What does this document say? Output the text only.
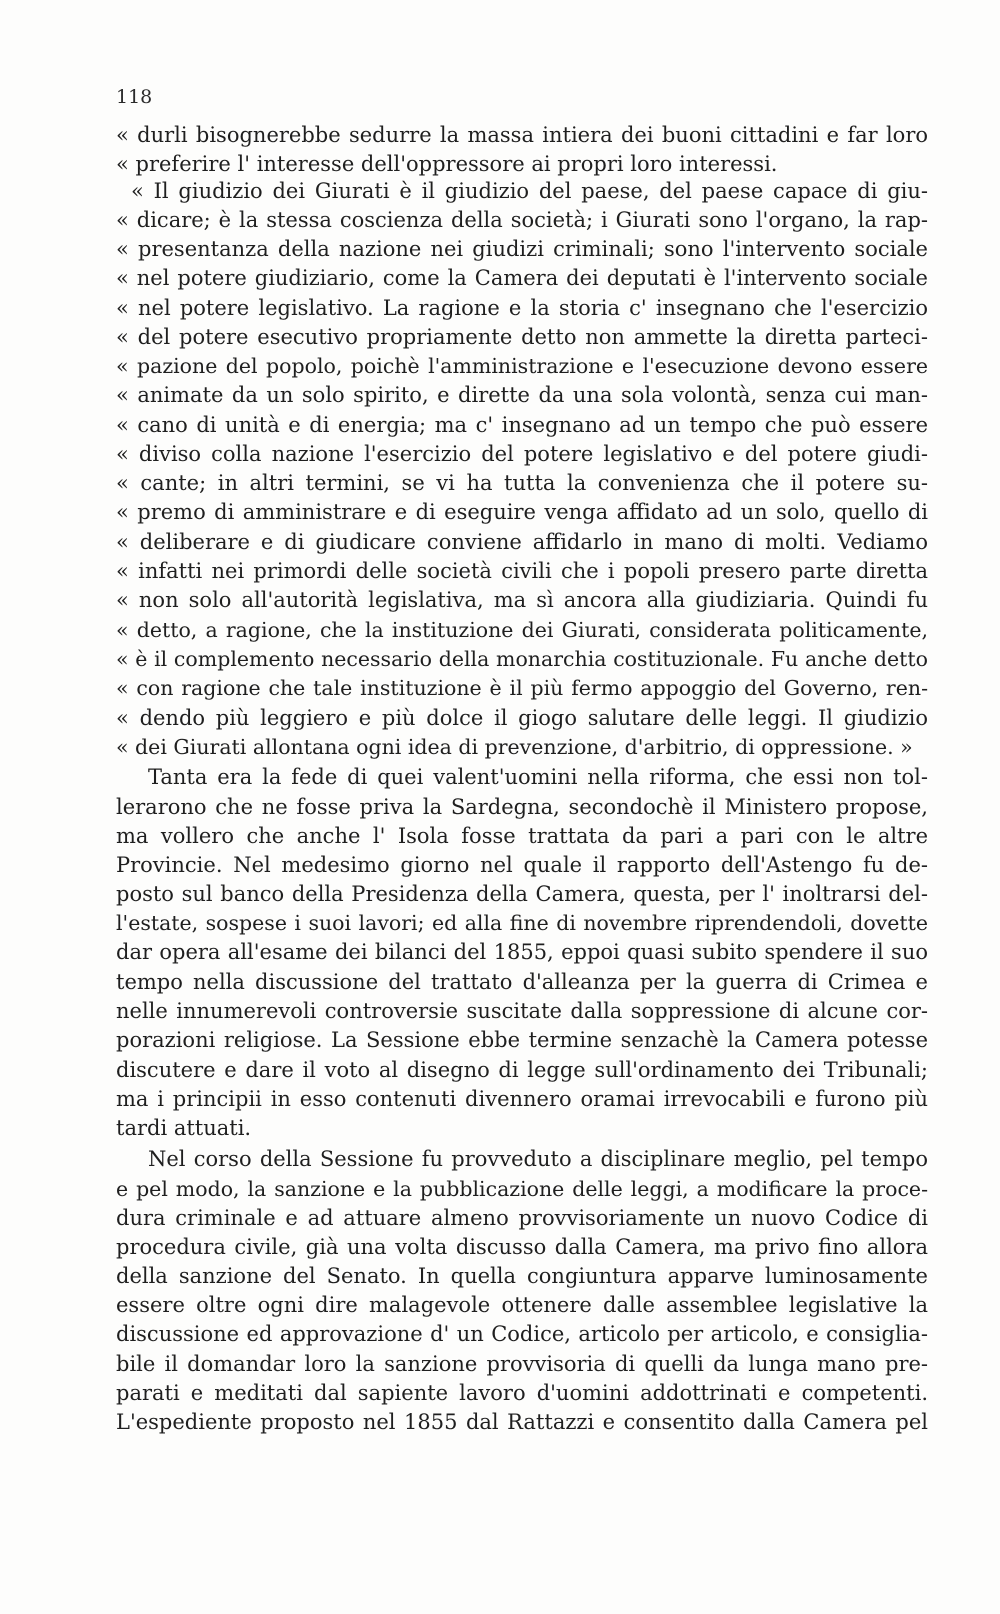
118
« durli bisognerebbe sedurre la massa intiera dei buoni cittadini e far loro
« preferire l' interesse dell'oppressore ai propri loro interessi.
« Il giudizio dei Giurati è il giudizio del paese, del paese capace di giu-
« dicare; è la stessa coscienza della società; i Giurati sono l'organo, la rap-
« presentanza della nazione nei giudizi criminali; sono l'intervento sociale
« nel potere giudiziario, come la Camera dei deputati è l'intervento sociale
« nel potere legislativo. La ragione e la storia c' insegnano che l'esercizio
« del potere esecutivo propriamente detto non ammette la diretta parteci-
« pazione del popolo, poichè l'amministrazione e l'esecuzione devono essere
« animate da un solo spirito, e dirette da una sola volontà, senza cui man-
« cano di unità e di energia; ma c' insegnano ad un tempo che può essere
« diviso colla nazione l'esercizio del potere legislativo e del potere giudi-
« cante; in altri termini, se vi ha tutta la convenienza che il potere su-
« premo di amministrare e di eseguire venga affidato ad un solo, quello di
« deliberare e di giudicare conviene affidarlo in mano di molti. Vediamo
« infatti nei primordi delle società civili che i popoli presero parte diretta
« non solo all'autorità legislativa, ma sì ancora alla giudiziaria. Quindi fu
« detto, a ragione, che la instituzione dei Giurati, considerata politicamente,
« è il complemento necessario della monarchia costituzionale. Fu anche detto
« con ragione che tale instituzione è il più fermo appoggio del Governo, ren-
« dendo più leggiero e più dolce il giogo salutare delle leggi. Il giudizio
« dei Giurati allontana ogni idea di prevenzione, d'arbitrio, di oppressione. »
Tanta era la fede di quei valent'uomini nella riforma, che essi non tol-
lerarono che ne fosse priva la Sardegna, secondochè il Ministero propose,
ma vollero che anche l' Isola fosse trattata da pari a pari con le altre
Provincie. Nel medesimo giorno nel quale il rapporto dell'Astengo fu de-
posto sul banco della Presidenza della Camera, questa, per l' inoltrarsi del-
l'estate, sospese i suoi lavori; ed alla fine di novembre riprendendoli, dovette
dar opera all'esame dei bilanci del 1855, eppoi quasi subito spendere il suo
tempo nella discussione del trattato d'alleanza per la guerra di Crimea e
nelle innumerevoli controversie suscitate dalla soppressione di alcune cor-
porazioni religiose. La Sessione ebbe termine senzachè la Camera potesse
discutere e dare il voto al disegno di legge sull'ordinamento dei Tribunali;
ma i principii in esso contenuti divennero oramai irrevocabili e furono più
tardi attuati.
Nel corso della Sessione fu provveduto a disciplinare meglio, pel tempo
e pel modo, la sanzione e la pubblicazione delle leggi, a modificare la proce-
dura criminale e ad attuare almeno provvisoriamente un nuovo Codice di
procedura civile, già una volta discusso dalla Camera, ma privo fino allora
della sanzione del Senato. In quella congiuntura apparve luminosamente
essere oltre ogni dire malagevole ottenere dalle assemblee legislative la
discussione ed approvazione d' un Codice, articolo per articolo, e consiglia-
bile il domandar loro la sanzione provvisoria di quelli da lunga mano pre-
parati e meditati dal sapiente lavoro d'uomini addottrinati e competenti.
L'espediente proposto nel 1855 dal Rattazzi e consentito dalla Camera pel
